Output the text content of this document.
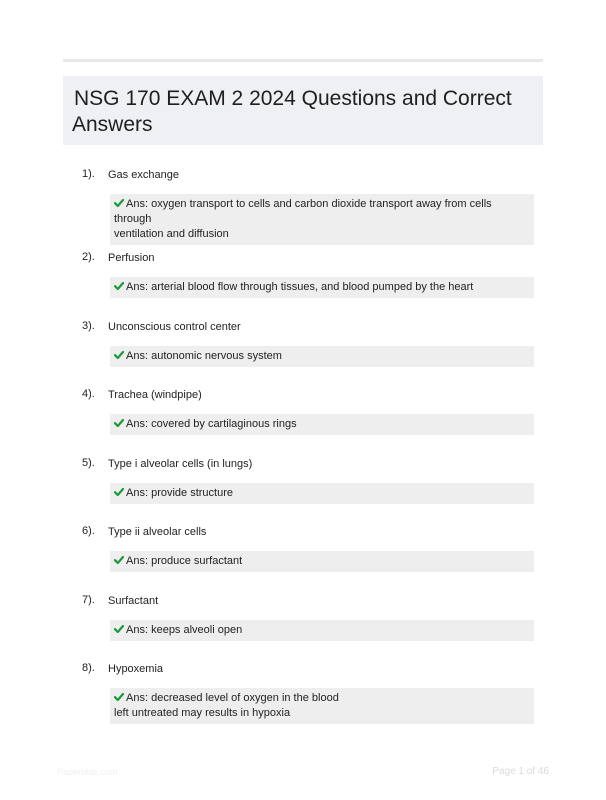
NSG 170 EXAM 2 2024 Questions and Correct Answers
1). Gas exchange
Ans: oxygen transport to cells and carbon dioxide transport away from cells through
ventilation and diffusion
2). Perfusion
Ans: arterial blood flow through tissues, and blood pumped by the heart
3). Unconscious control center
Ans: autonomic nervous system
4). Trachea (windpipe)
Ans: covered by cartilaginous rings
5). Type i alveolar cells (in lungs)
Ans: provide structure
6). Type ii alveolar cells
Ans: produce surfactant
7). Surfactant
Ans: keeps alveoli open
8). Hypoxemia
Ans: decreased level of oxygen in the blood
left untreated may results in hypoxia
Paperbble.com	Page 1 of 46
